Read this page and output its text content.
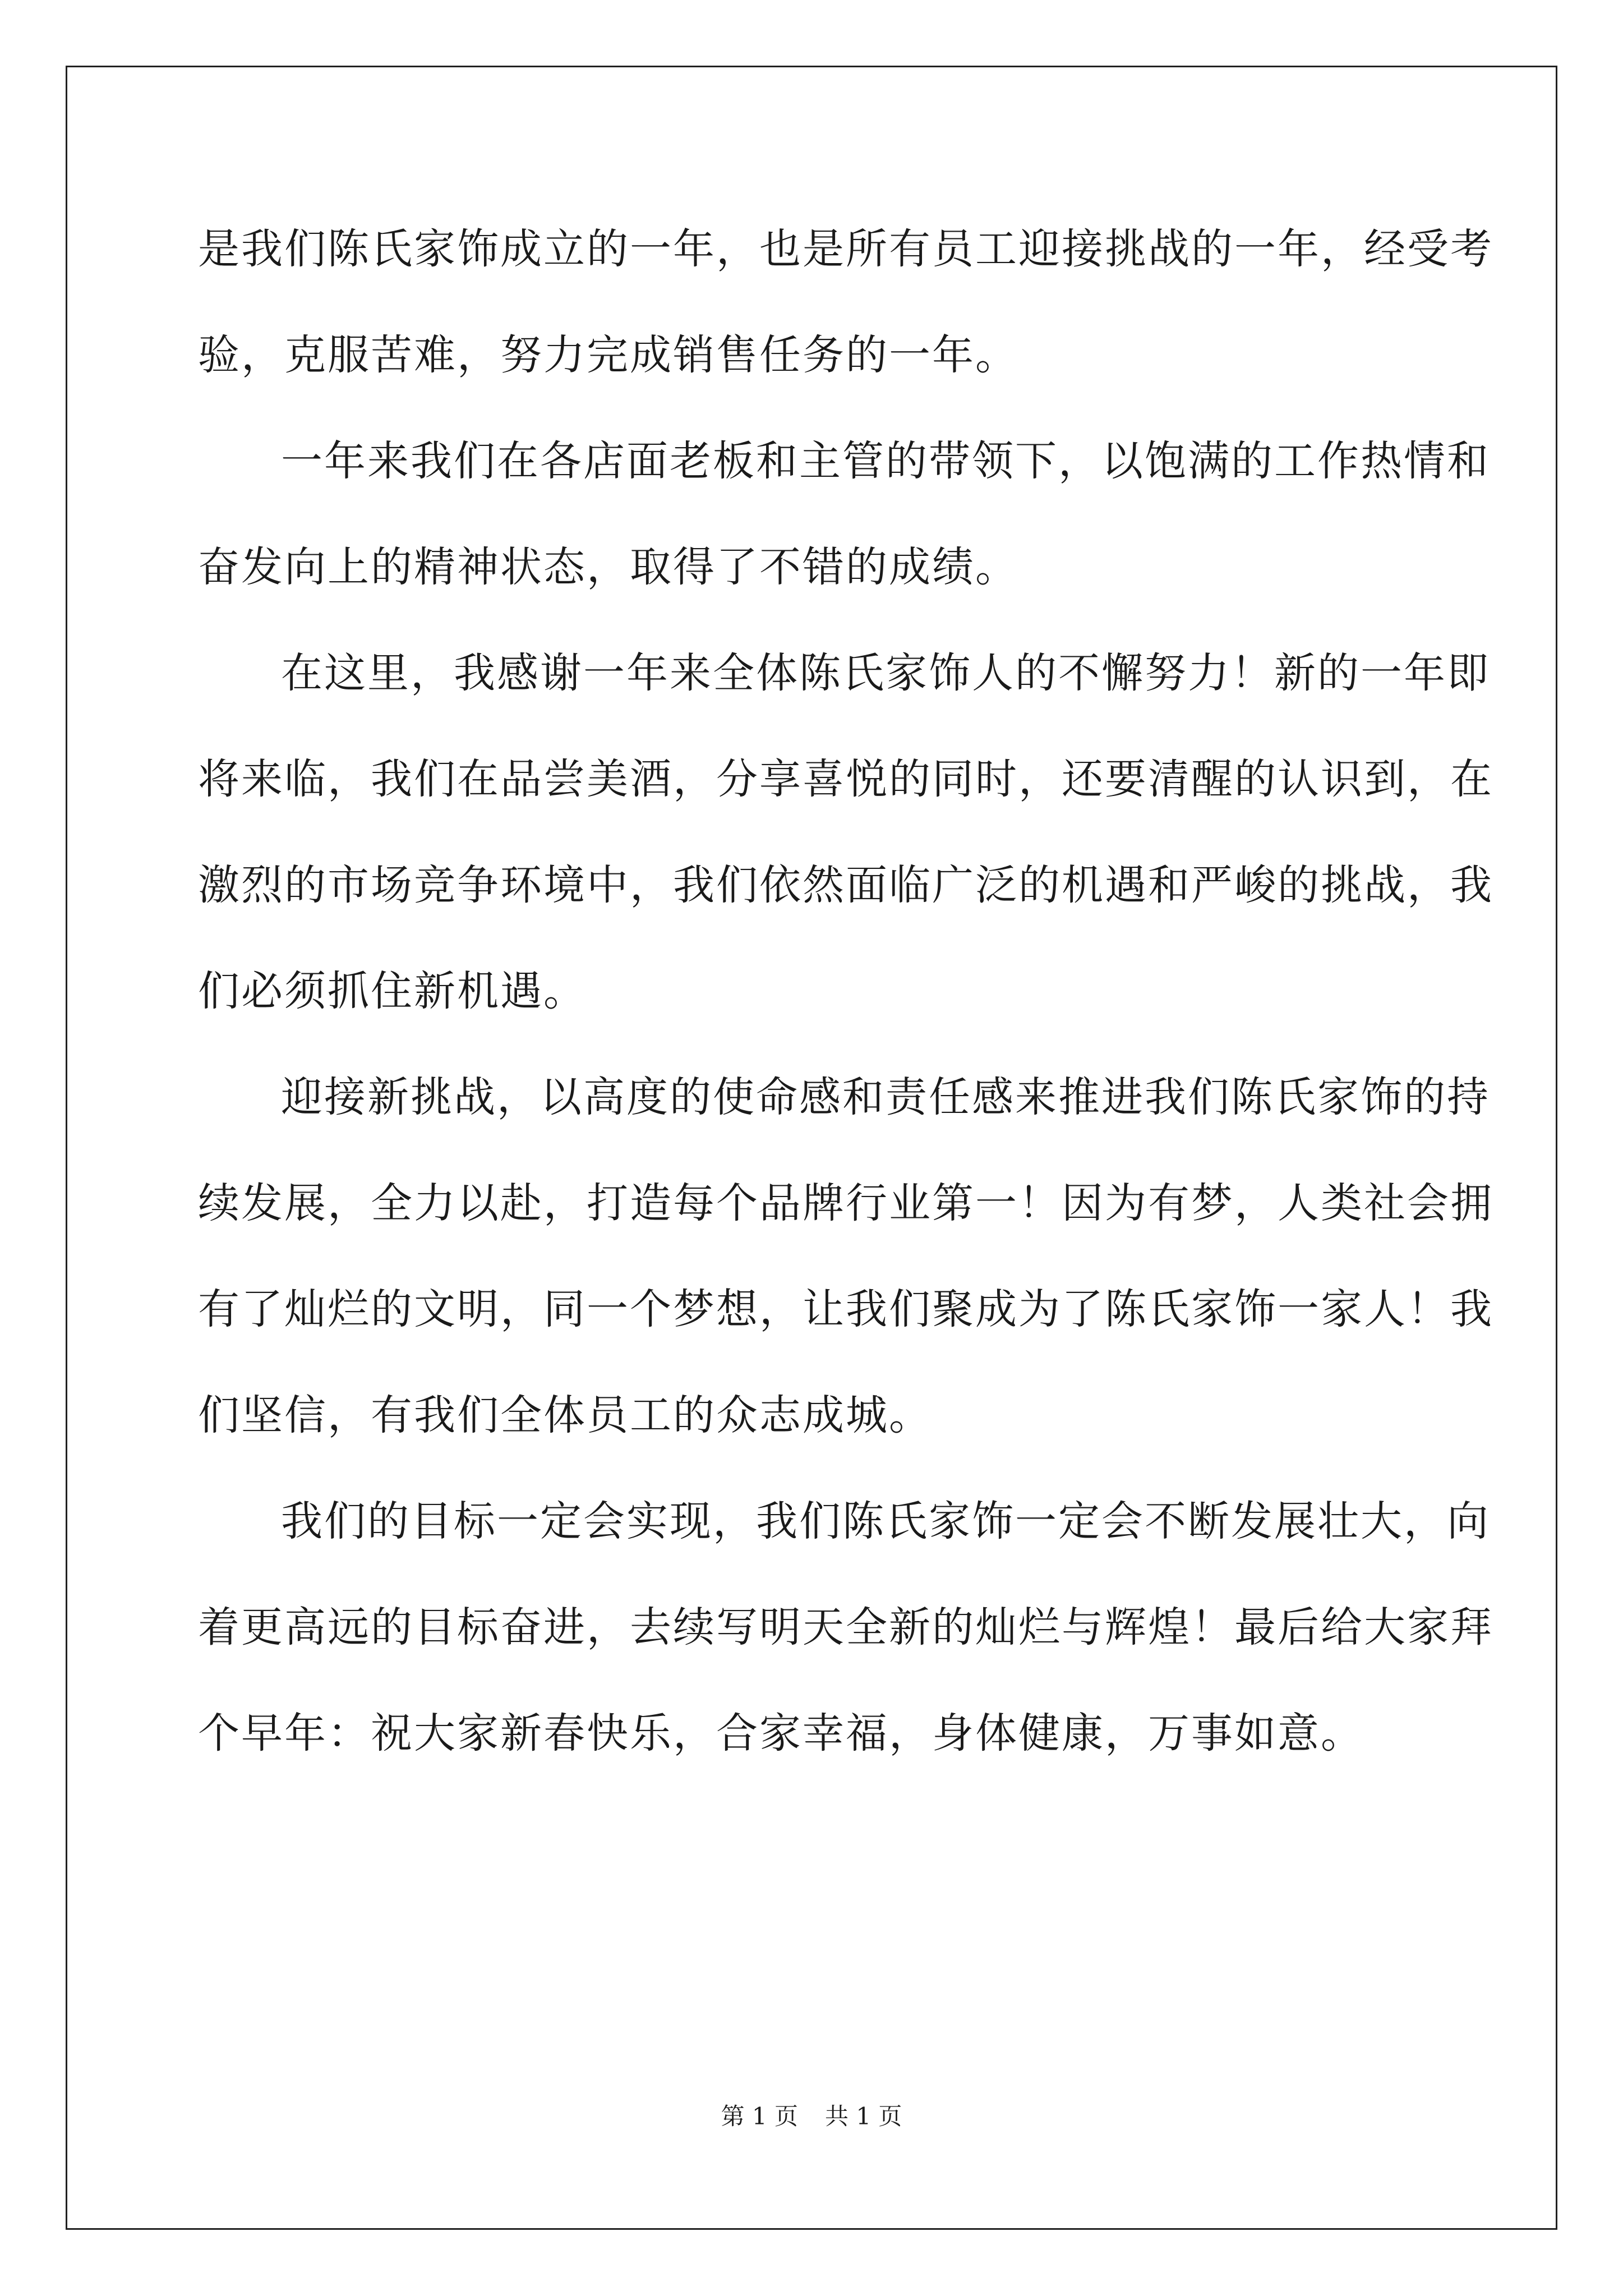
是我们陈氏家饰成立的一年，也是所有员工迎接挑战的一年，经受考
验，克服苦难，努力完成销售任务的一年。
一年来我们在各店面老板和主管的带领下，以饱满的工作热情和
奋发向上的精神状态，取得了不错的成绩。
在这里，我感谢一年来全体陈氏家饰人的不懈努力！新的一年即
将来临，我们在品尝美酒，分享喜悦的同时，还要清醒的认识到，在
激烈的市场竞争环境中，我们依然面临广泛的机遇和严峻的挑战，我
们必须抓住新机遇。
迎接新挑战，以高度的使命感和责任感来推进我们陈氏家饰的持
续发展，全力以赴，打造每个品牌行业第一！因为有梦，人类社会拥
有了灿烂的文明，同一个梦想，让我们聚成为了陈氏家饰一家人！我
们坚信，有我们全体员工的众志成城。
我们的目标一定会实现，我们陈氏家饰一定会不断发展壮大，向
着更高远的目标奋进，去续写明天全新的灿烂与辉煌！最后给大家拜
个早年：祝大家新春快乐，合家幸福，身体健康，万事如意。
第 1 页 共 1 页
